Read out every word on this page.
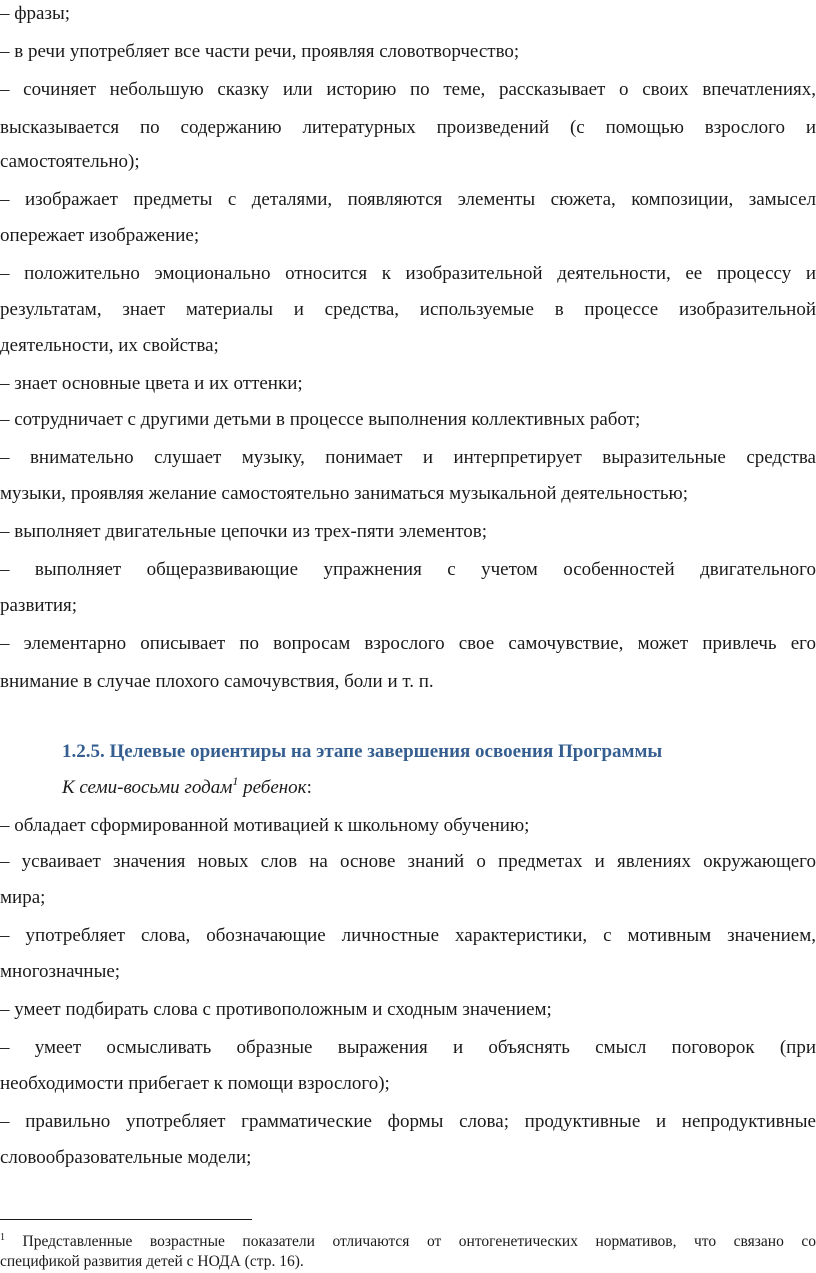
– фразы;
– в речи употребляет все части речи, проявляя словотворчество;
– сочиняет небольшую сказку или историю по теме, рассказывает о своих впечатлениях,
высказывается по содержанию литературных произведений (с помощью взрослого и
самостоятельно);
– изображает предметы с деталями, появляются элементы сюжета, композиции, замысел
опережает изображение;
– положительно эмоционально относится к изобразительной деятельности, ее процессу и
результатам, знает материалы и средства, используемые в процессе изобразительной
деятельности, их свойства;
– знает основные цвета и их оттенки;
– сотрудничает с другими детьми в процессе выполнения коллективных работ;
– внимательно слушает музыку, понимает и интерпретирует выразительные средства
музыки, проявляя желание самостоятельно заниматься музыкальной деятельностью;
– выполняет двигательные цепочки из трех-пяти элементов;
– выполняет общеразвивающие упражнения с учетом особенностей двигательного
развития;
– элементарно описывает по вопросам взрослого свое самочувствие, может привлечь его
внимание в случае плохого самочувствия, боли и т. п.
1.2.5. Целевые ориентиры на этапе завершения освоения Программы
К семи-восьми годам$^1$ ребенок:
– обладает сформированной мотивацией к школьному обучению;
– усваивает значения новых слов на основе знаний о предметах и явлениях окружающего
мира;
– употребляет слова, обозначающие личностные характеристики, с мотивным значением,
многозначные;
– умеет подбирать слова с противоположным и сходным значением;
– умеет осмысливать образные выражения и объяснять смысл поговорок (при
необходимости прибегает к помощи взрослого);
– правильно употребляет грамматические формы слова; продуктивные и непродуктивные
словообразовательные модели;
$^1$ Представленные возрастные показатели отличаются от онтогенетических нормативов, что связано со
спецификой развития детей с НОДА (стр. 16).
